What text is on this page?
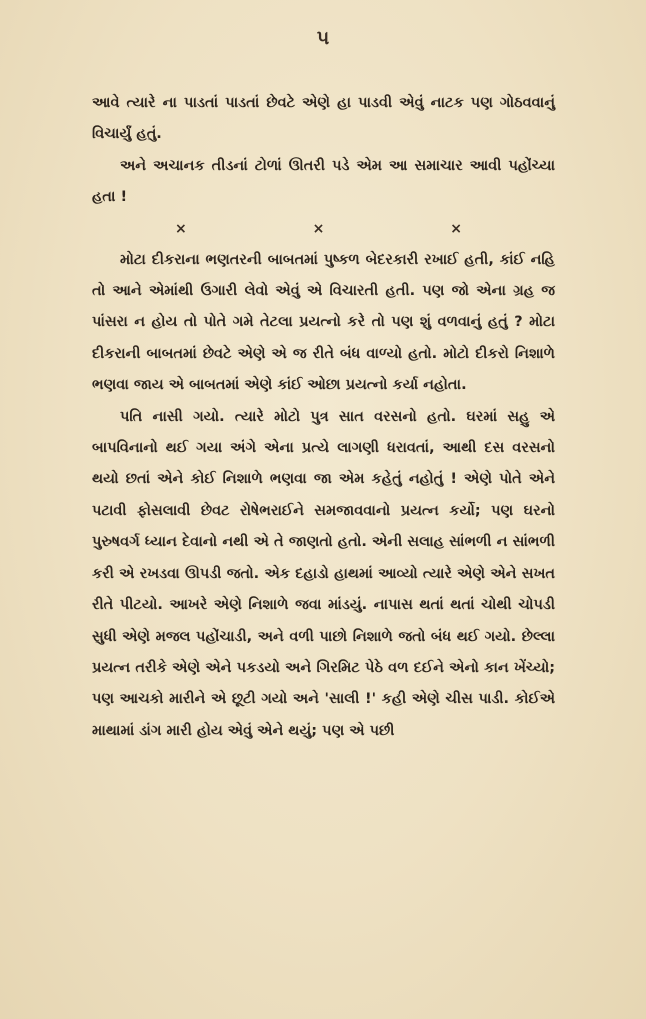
૫

આવે ત્યારે ના પાડતાં પાડતાં છેવટે એણે હા પાડવી એવું નાટક પણ ગોઠવવાનું વિચાર્યું હતું.

અને અચાનક તીડનાં ટોળાં ઊતરી પડે એમ આ સમાચાર આવી પહોંચ્યા હતા !

×	×	×

મોટા દીકરાના ભણતરની બાબતમાં પુષ્કળ બેદરકારી રખાઈ હતી, કાંઈ નહિ તો આને એમાંથી ઉગારી લેવો એવું એ વિચારતી હતી. પણ જો એના ગ્રહ જ પાંસરા ન હોય તો પોતે ગમે તેટલા પ્રયત્નો કરે તો પણ શું વળવાનું હતું ? મોટા દીકરાની બાબતમાં છેવટે એણે એ જ રીતે બંધ વાળ્યો હતો. મોટો દીકરો નિશાળે ભણવા જાય એ બાબતમાં એણે કાંઈ ઓછા પ્રયત્નો કર્યા નહોતા.

પતિ નાસી ગયો. ત્યારે મોટો પુત્ર સાત વરસનો હતો. ઘરમાં સહુ એ બાપવિનાનો થઈ ગયા અંગે એના પ્રત્યે લાગણી ધરાવતાં, આથી દસ વરસનો થયો છતાં એને કોઈ નિશાળે ભણવા જા એમ કહેતું નહોતું ! એણે પોતે એને પટાવી ફોસલાવી છેવટ રોષેભરાઈને સમજાવવાનો પ્રયત્ન કર્યો; પણ ઘરનો પુરુષવર્ગ ધ્યાન દેવાનો નથી એ તે જાણતો હતો. એની સલાહ સાંભળી ન સાંભળી કરી એ રખડવા ઊપડી જતો. એક દહાડો હાથમાં આવ્યો ત્યારે એણે એને સખત રીતે પીટયો. આખરે એણે નિશાળે જવા માંડયું. નાપાસ થતાં થતાં ચોથી ચોપડી સુધી એણે મજલ પહોંચાડી, અને વળી પાછો નિશાળે જતો બંધ થઈ ગયો. છેલ્લા પ્રયત્ન તરીકે એણે એને પકડયો અને ગિરમિટ પેઠે વળ દઈને એનો કાન ખેંચ્યો; પણ આચકો મારીને એ છૂટી ગયો અને 'સાલી !' કહી એણે ચીસ પાડી. કોઈએ માથામાં ડાંગ મારી હોય એવું એને થયું; પણ એ પછી
